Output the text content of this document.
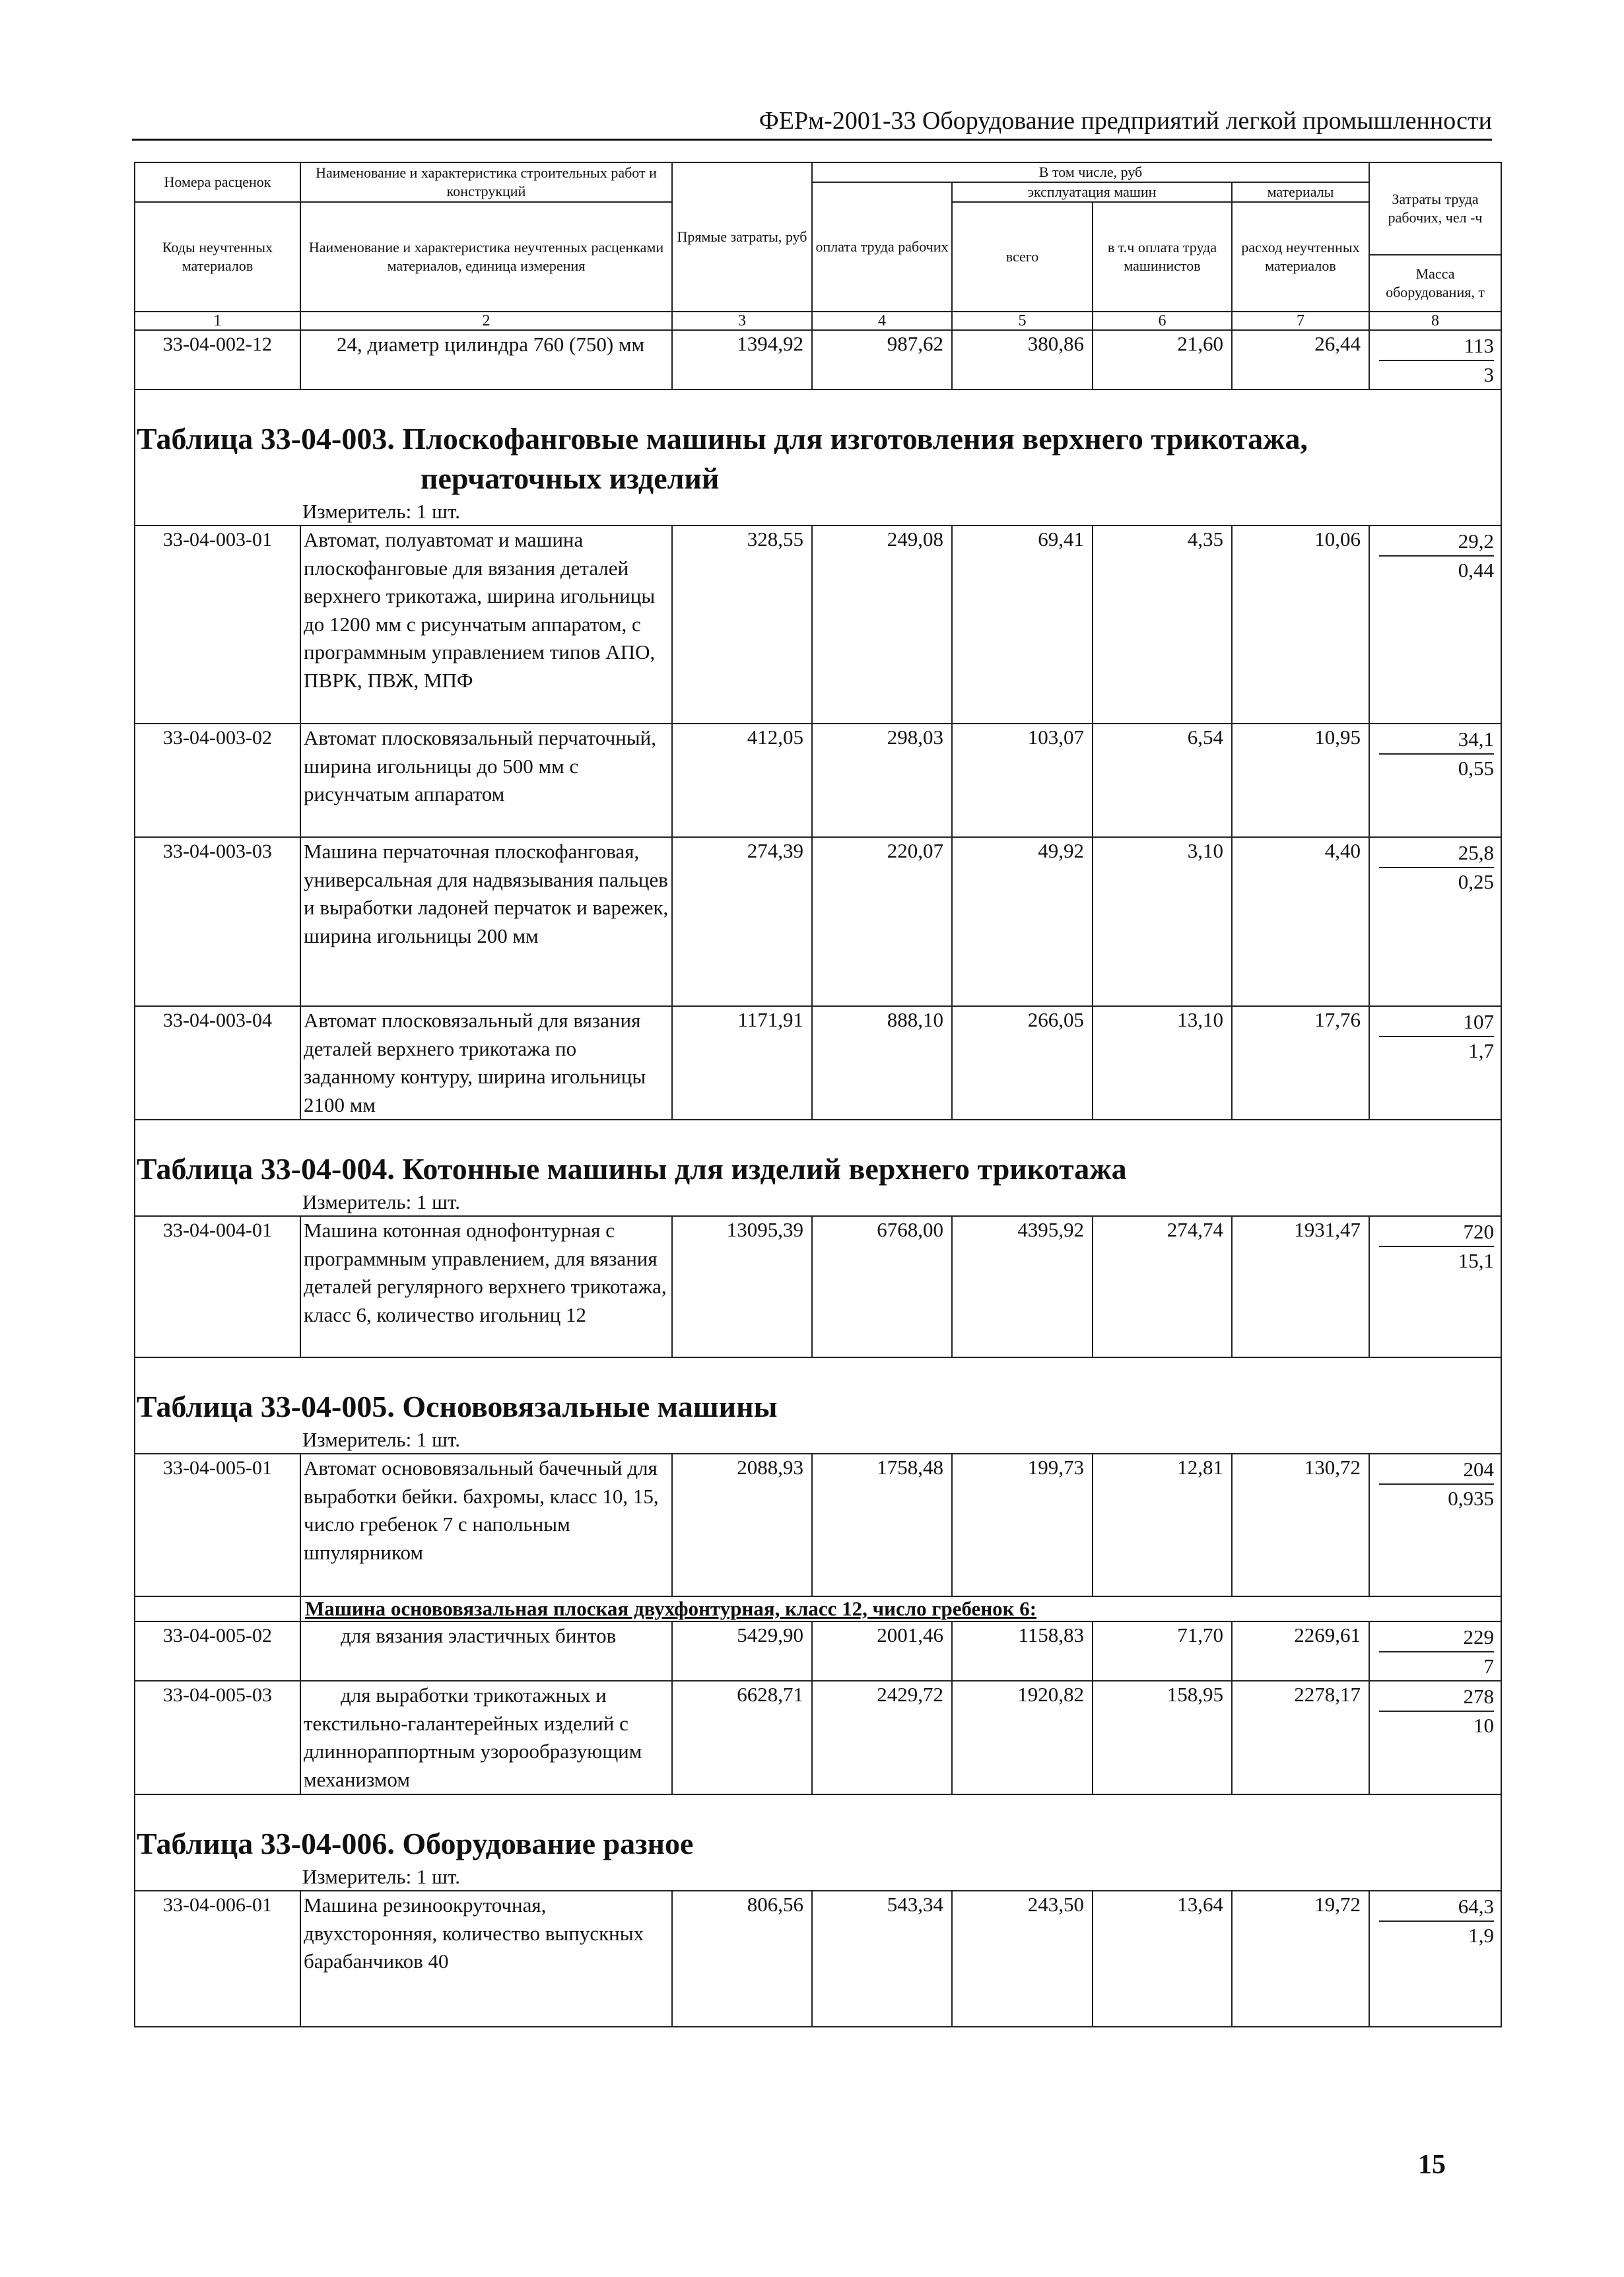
ФЕРм-2001-33 Оборудование предприятий легкой промышленности
Номера расценок	Наименование и характеристика строительных работ и конструкций	Прямые затраты, руб	В том числе, руб				Затраты труда рабочих, чел -ч
			оплата труда рабочих	эксплуатация машин		материалы	
Коды неучтенных материалов	Наименование и характеристика неучтенных расценками материалов, единица измерения			всего	в т.ч оплата труда машинистов	расход неучтенных материалов	
							Масса оборудования, т
1	2	3	4	5	6	7	8
33-04-002-12	24, диаметр цилиндра 760 (750) мм	1394,92	987,62	380,86	21,60	26,44	113
3

Таблица 33-04-003. Плоскофанговые машины для изготовления верхнего трикотажа,
перчаточных изделий
Измеритель: 1 шт.							

33-04-003-01	Автомат, полуавтомат и машина плоскофанговые для вязания деталей верхнего трикотажа, ширина игольницы до 1200 мм с рисунчатым аппаратом, с программным управлением типов АПО, ПВРК, ПВЖ, МПФ	328,55	249,08	69,41	4,35	10,06	29,2
0,44

33-04-003-02	Автомат плосковязальный перчаточный, ширина игольницы до 500 мм с рисунчатым аппаратом	412,05	298,03	103,07	6,54	10,95	34,1
0,55

33-04-003-03	Машина перчаточная плоскофанговая, универсальная для надвязывания пальцев и выработки ладоней перчаток и варежек, ширина игольницы 200 мм	274,39	220,07	49,92	3,10	4,40	25,8
0,25

33-04-003-04	Автомат плосковязальный для вязания деталей верхнего трикотажа по заданному контуру, ширина игольницы 2100 мм	1171,91	888,10	266,05	13,10	17,76	107
1,7

Таблица 33-04-004. Котонные машины для изделий верхнего трикотажа
Измеритель: 1 шт.							

33-04-004-01	Машина котонная однофонтурная с программным управлением, для вязания деталей регулярного верхнего трикотажа, класс 6, количество игольниц 12	13095,39	6768,00	4395,92	274,74	1931,47	720
15,1

Таблица 33-04-005. Основовязальные машины
Измеритель: 1 шт.							

33-04-005-01	Автомат основовязальный бачечный для выработки бейки. бахромы, класс 10, 15, число гребенок 7 с напольным шпулярником	2088,93	1758,48	199,73	12,81	130,72	204
0,935

	Машина основовязальная плоская двухфонтурная, класс 12, число гребенок 6:						
33-04-005-02	для вязания эластичных бинтов	5429,90	2001,46	1158,83	71,70	2269,61	229
7

33-04-005-03	для выработки трикотажных и текстильно-галантерейных изделий с длиннораппортным узорообразующим механизмом	6628,71	2429,72	1920,82	158,95	2278,17	278
10

Таблица 33-04-006. Оборудование разное
Измеритель: 1 шт.							

33-04-006-01	Машина резиноокруточная, двухсторонняя, количество выпускных барабанчиков 40	806,56	543,34	243,50	13,64	19,72	64,3
1,9
15
